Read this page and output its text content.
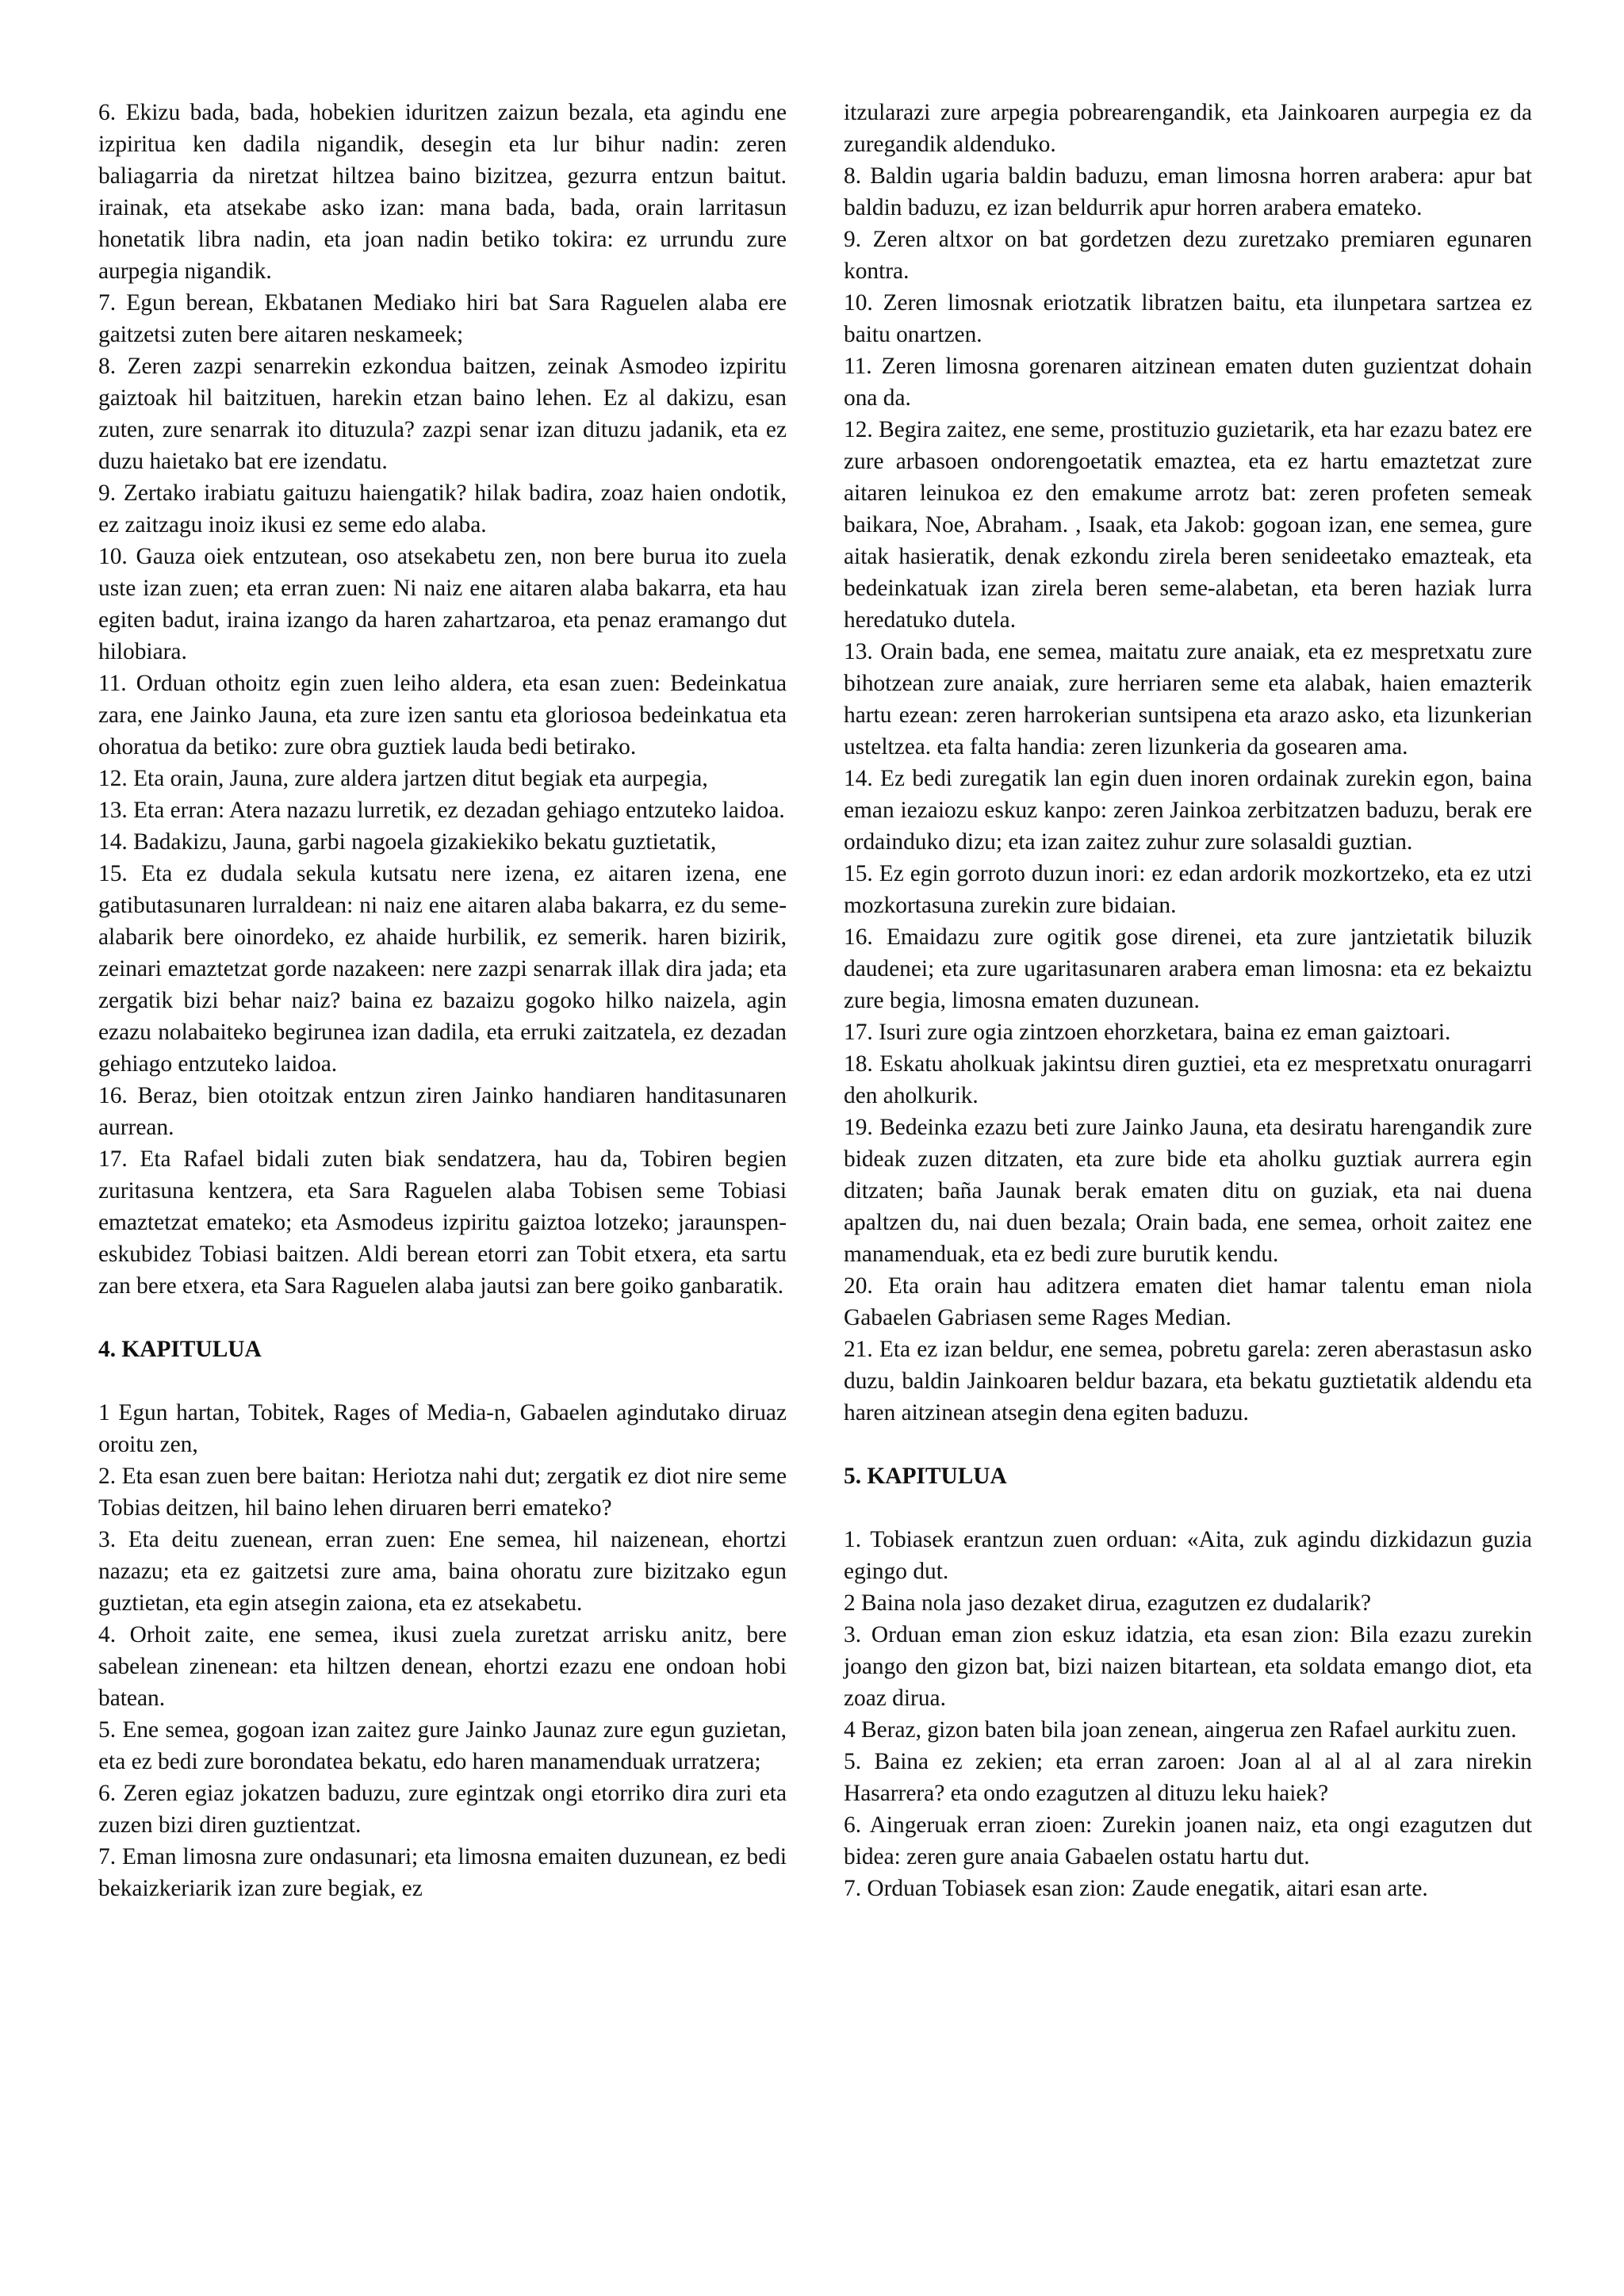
6. Ekizu bada, bada, hobekien iduritzen zaizun bezala, eta agindu ene izpiritua ken dadila nigandik, desegin eta lur bihur nadin: zeren baliagarria da niretzat hiltzea baino bizitzea, gezurra entzun baitut. irainak, eta atsekabe asko izan: mana bada, bada, orain larritasun honetatik libra nadin, eta joan nadin betiko tokira: ez urrundu zure aurpegia nigandik.

7. Egun berean, Ekbatanen Mediako hiri bat Sara Raguelen alaba ere gaitzetsi zuten bere aitaren neskameek;

8. Zeren zazpi senarrekin ezkondua baitzen, zeinak Asmodeo izpiritu gaiztoak hil baitzituen, harekin etzan baino lehen. Ez al dakizu, esan zuten, zure senarrak ito dituzula? zazpi senar izan dituzu jadanik, eta ez duzu haietako bat ere izendatu.

9. Zertako irabiatu gaituzu haiengatik? hilak badira, zoaz haien ondotik, ez zaitzagu inoiz ikusi ez seme edo alaba.

10. Gauza oiek entzutean, oso atsekabetu zen, non bere burua ito zuela uste izan zuen; eta erran zuen: Ni naiz ene aitaren alaba bakarra, eta hau egiten badut, iraina izango da haren zahartzaroa, eta penaz eramango dut hilobiara.

11. Orduan othoitz egin zuen leiho aldera, eta esan zuen: Bedeinkatua zara, ene Jainko Jauna, eta zure izen santu eta gloriosoa bedeinkatua eta ohoratua da betiko: zure obra guztiek lauda bedi betirako.

12. Eta orain, Jauna, zure aldera jartzen ditut begiak eta aurpegia,

13. Eta erran: Atera nazazu lurretik, ez dezadan gehiago entzuteko laidoa.

14. Badakizu, Jauna, garbi nagoela gizakiekiko bekatu guztietatik,

15. Eta ez dudala sekula kutsatu nere izena, ez aitaren izena, ene gatibutasunaren lurraldean: ni naiz ene aitaren alaba bakarra, ez du seme-alabarik bere oinordeko, ez ahaide hurbilik, ez semerik. haren bizirik, zeinari emaztetzat gorde nazakeen: nere zazpi senarrak illak dira jada; eta zergatik bizi behar naiz? baina ez bazaizu gogoko hilko naizela, agin ezazu nolabaiteko begirunea izan dadila, eta erruki zaitzatela, ez dezadan gehiago entzuteko laidoa.

16. Beraz, bien otoitzak entzun ziren Jainko handiaren handitasunaren aurrean.

17. Eta Rafael bidali zuten biak sendatzera, hau da, Tobiren begien zuritasuna kentzera, eta Sara Raguelen alaba Tobisen seme Tobiasi emaztetzat emateko; eta Asmodeus izpiritu gaiztoa lotzeko; jaraunspen-eskubidez Tobiasi baitzen. Aldi berean etorri zan Tobit etxera, eta sartu zan bere etxera, eta Sara Raguelen alaba jautsi zan bere goiko ganbaratik.

4. KAPITULUA

1 Egun hartan, Tobitek, Rages of Media-n, Gabaelen agindutako diruaz oroitu zen,

2. Eta esan zuen bere baitan: Heriotza nahi dut; zergatik ez diot nire seme Tobias deitzen, hil baino lehen diruaren berri emateko?

3. Eta deitu zuenean, erran zuen: Ene semea, hil naizenean, ehortzi nazazu; eta ez gaitzetsi zure ama, baina ohoratu zure bizitzako egun guztietan, eta egin atsegin zaiona, eta ez atsekabetu.

4. Orhoit zaite, ene semea, ikusi zuela zuretzat arrisku anitz, bere sabelean zinenean: eta hiltzen denean, ehortzi ezazu ene ondoan hobi batean.

5. Ene semea, gogoan izan zaitez gure Jainko Jaunaz zure egun guzietan, eta ez bedi zure borondatea bekatu, edo haren manamenduak urratzera;

6. Zeren egiaz jokatzen baduzu, zure egintzak ongi etorriko dira zuri eta zuzen bizi diren guztientzat.

7. Eman limosna zure ondasunari; eta limosna emaiten duzunean, ez bedi bekaizkeriarik izan zure begiak, ez

itzularazi zure arpegia pobrearengandik, eta Jainkoaren aurpegia ez da zuregandik aldenduko.

8. Baldin ugaria baldin baduzu, eman limosna horren arabera: apur bat baldin baduzu, ez izan beldurrik apur horren arabera emateko.

9. Zeren altxor on bat gordetzen dezu zuretzako premiaren egunaren kontra.

10. Zeren limosnak eriotzatik libratzen baitu, eta ilunpetara sartzea ez baitu onartzen.

11. Zeren limosna gorenaren aitzinean ematen duten guzientzat dohain ona da.

12. Begira zaitez, ene seme, prostituzio guzietarik, eta har ezazu batez ere zure arbasoen ondorengoetatik emaztea, eta ez hartu emaztetzat zure aitaren leinukoa ez den emakume arrotz bat: zeren profeten semeak baikara, Noe, Abraham. , Isaak, eta Jakob: gogoan izan, ene semea, gure aitak hasieratik, denak ezkondu zirela beren senideetako emazteak, eta bedeinkatuak izan zirela beren seme-alabetan, eta beren haziak lurra heredatuko dutela.

13. Orain bada, ene semea, maitatu zure anaiak, eta ez mespretxatu zure bihotzean zure anaiak, zure herriaren seme eta alabak, haien emazterik hartu ezean: zeren harrokerian suntsipena eta arazo asko, eta lizunkerian usteltzea. eta falta handia: zeren lizunkeria da gosearen ama.

14. Ez bedi zuregatik lan egin duen inoren ordainak zurekin egon, baina eman iezaiozu eskuz kanpo: zeren Jainkoa zerbitzatzen baduzu, berak ere ordainduko dizu; eta izan zaitez zuhur zure solasaldi guztian.

15. Ez egin gorroto duzun inori: ez edan ardorik mozkortzeko, eta ez utzi mozkortasuna zurekin zure bidaian.

16. Emaidazu zure ogitik gose direnei, eta zure jantzietatik biluzik daudenei; eta zure ugaritasunaren arabera eman limosna: eta ez bekaiztu zure begia, limosna ematen duzunean.

17. Isuri zure ogia zintzoen ehorzketara, baina ez eman gaiztoari.

18. Eskatu aholkuak jakintsu diren guztiei, eta ez mespretxatu onuragarri den aholkurik.

19. Bedeinka ezazu beti zure Jainko Jauna, eta desiratu harengandik zure bideak zuzen ditzaten, eta zure bide eta aholku guztiak aurrera egin ditzaten; baña Jaunak berak ematen ditu on guziak, eta nai duena apaltzen du, nai duen bezala; Orain bada, ene semea, orhoit zaitez ene manamenduak, eta ez bedi zure burutik kendu.

20. Eta orain hau aditzera ematen diet hamar talentu eman niola Gabaelen Gabriasen seme Rages Median.

21. Eta ez izan beldur, ene semea, pobretu garela: zeren aberastasun asko duzu, baldin Jainkoaren beldur bazara, eta bekatu guztietatik aldendu eta haren aitzinean atsegin dena egiten baduzu.

5. KAPITULUA

1. Tobiasek erantzun zuen orduan: «Aita, zuk agindu dizkidazun guzia egingo dut.

2 Baina nola jaso dezaket dirua, ezagutzen ez dudalarik?

3. Orduan eman zion eskuz idatzia, eta esan zion: Bila ezazu zurekin joango den gizon bat, bizi naizen bitartean, eta soldata emango diot, eta zoaz dirua.

4 Beraz, gizon baten bila joan zenean, aingerua zen Rafael aurkitu zuen.

5. Baina ez zekien; eta erran zaroen: Joan al al al al zara nirekin Hasarrera? eta ondo ezagutzen al dituzu leku haiek?

6. Aingeruak erran zioen: Zurekin joanen naiz, eta ongi ezagutzen dut bidea: zeren gure anaia Gabaelen ostatu hartu dut.

7. Orduan Tobiasek esan zion: Zaude enegatik, aitari esan arte.
